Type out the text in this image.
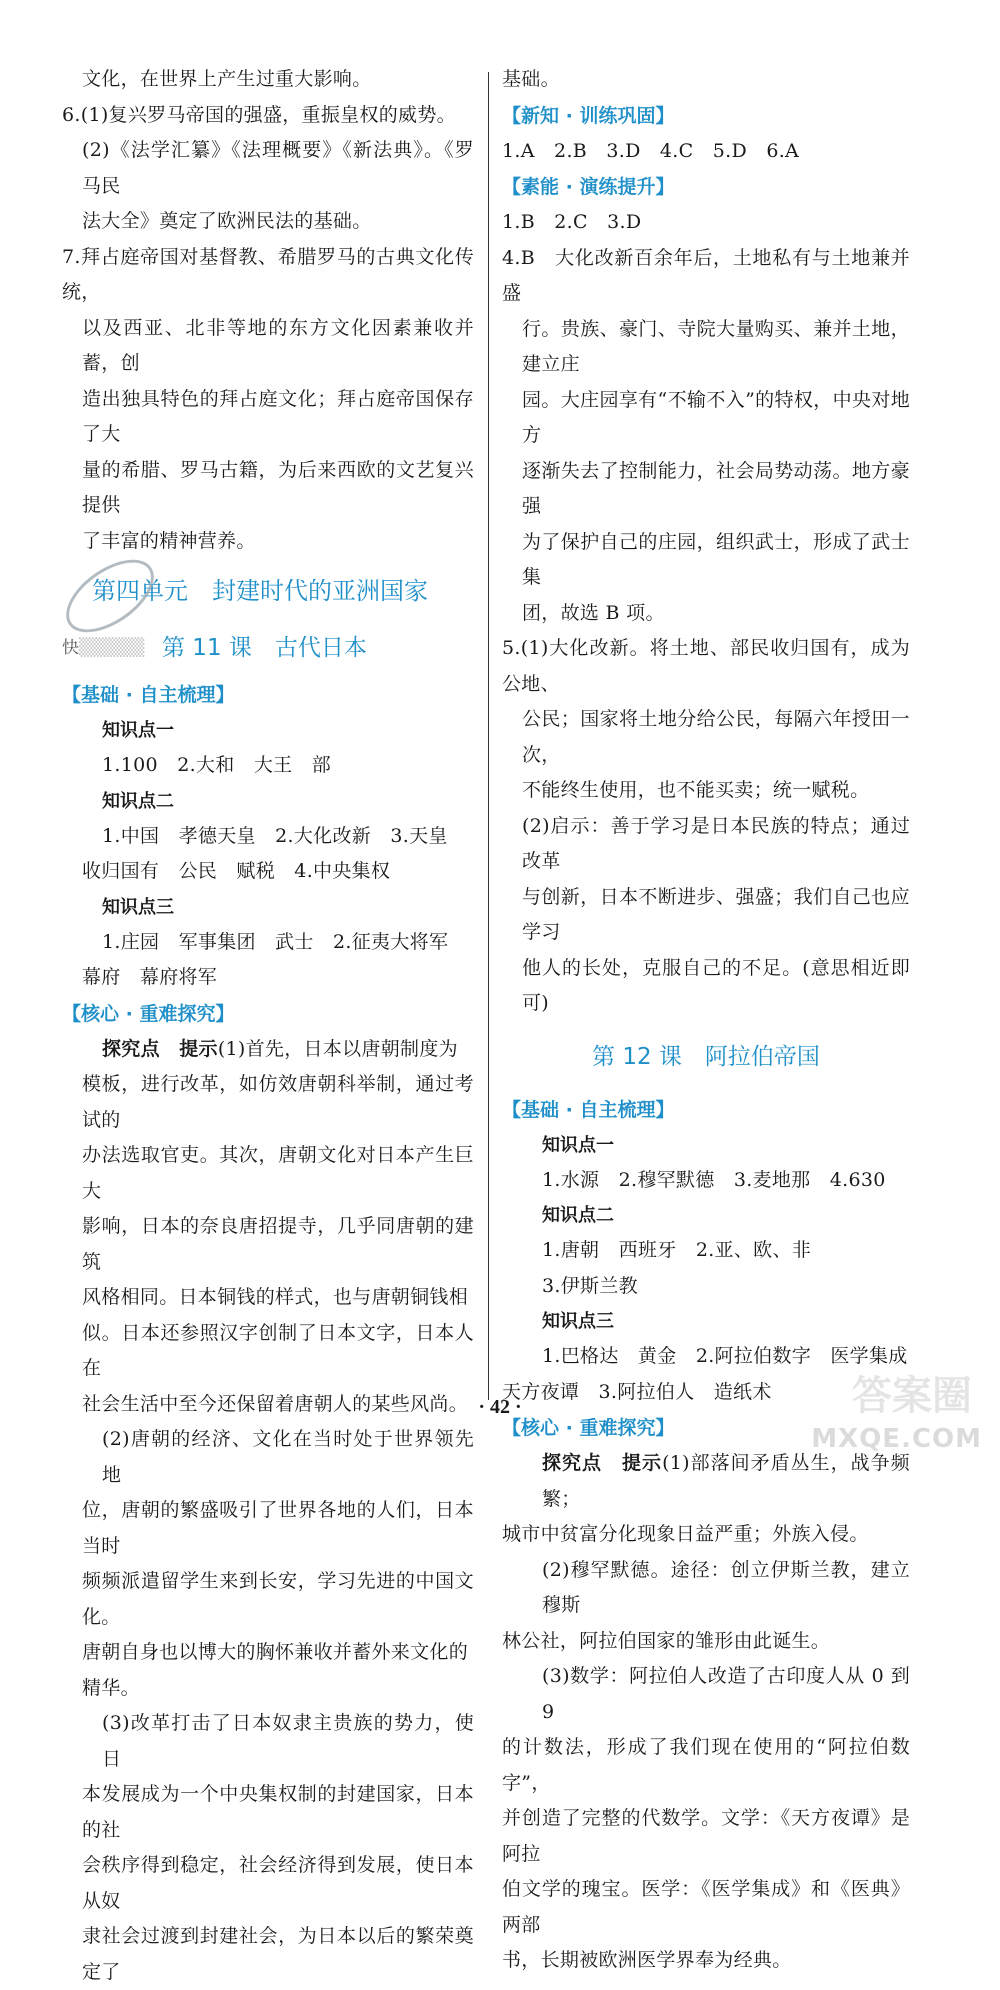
文化，在世界上产生过重大影响。

6.(1)复兴罗马帝国的强盛，重振皇权的威势。

(2)《法学汇纂》《法理概要》《新法典》。《罗马民

法大全》奠定了欧洲民法的基础。

7.拜占庭帝国对基督教、希腊罗马的古典文化传统，

以及西亚、北非等地的东方文化因素兼收并蓄，创

造出独具特色的拜占庭文化；拜占庭帝国保存了大

量的希腊、罗马古籍，为后来西欧的文艺复兴提供

了丰富的精神营养。

第四单元　封建时代的亚洲国家
快▒▒▒▒▒ 第 11 课　古代日本

【基础 · 自主梳理】

知识点一

1.100　2.大和　大王　部

知识点二

1.中国　孝德天皇　2.大化改新　3.天皇

收归国有　公民　赋税　4.中央集权

知识点三

1.庄园　军事集团　武士　2.征夷大将军

幕府　幕府将军

【核心 · 重难探究】

探究点　提示(1)首先，日本以唐朝制度为

模板，进行改革，如仿效唐朝科举制，通过考试的

办法选取官吏。其次，唐朝文化对日本产生巨大

影响，日本的奈良唐招提寺，几乎同唐朝的建筑

风格相同。日本铜钱的样式，也与唐朝铜钱相

似。日本还参照汉字创制了日本文字，日本人在

社会生活中至今还保留着唐朝人的某些风尚。

(2)唐朝的经济、文化在当时处于世界领先地

位，唐朝的繁盛吸引了世界各地的人们，日本当时

频频派遣留学生来到长安，学习先进的中国文化。

唐朝自身也以博大的胸怀兼收并蓄外来文化的

精华。

(3)改革打击了日本奴隶主贵族的势力，使日

本发展成为一个中央集权制的封建国家，日本的社

会秩序得到稳定，社会经济得到发展，使日本从奴

隶社会过渡到封建社会，为日本以后的繁荣奠定了

基础。

【新知 · 训练巩固】

1.A　2.B　3.D　4.C　5.D　6.A

【素能 · 演练提升】

1.B　2.C　3.D

4.B　大化改新百余年后，土地私有与土地兼并盛

行。贵族、豪门、寺院大量购买、兼并土地，建立庄

园。大庄园享有“不输不入”的特权，中央对地方

逐渐失去了控制能力，社会局势动荡。地方豪强

为了保护自己的庄园，组织武士，形成了武士集

团，故选 B 项。

5.(1)大化改新。将土地、部民收归国有，成为公地、

公民；国家将土地分给公民，每隔六年授田一次，

不能终生使用，也不能买卖；统一赋税。

(2)启示：善于学习是日本民族的特点；通过改革

与创新，日本不断进步、强盛；我们自己也应学习

他人的长处，克服自己的不足。(意思相近即可)

第 12 课　阿拉伯帝国

【基础 · 自主梳理】

知识点一

1.水源　2.穆罕默德　3.麦地那　4.630

知识点二

1.唐朝　西班牙　2.亚、欧、非

3.伊斯兰教

知识点三

1.巴格达　黄金　2.阿拉伯数字　医学集成

天方夜谭　3.阿拉伯人　造纸术

【核心 · 重难探究】

探究点　提示(1)部落间矛盾丛生，战争频繁；

城市中贫富分化现象日益严重；外族入侵。

(2)穆罕默德。途径：创立伊斯兰教，建立穆斯

林公社，阿拉伯国家的雏形由此诞生。

(3)数学：阿拉伯人改造了古印度人从 0 到 9

的计数法，形成了我们现在使用的“阿拉伯数字”，

并创造了完整的代数学。文学：《天方夜谭》是阿拉

伯文学的瑰宝。医学：《医学集成》和《医典》两部

书，长期被欧洲医学界奉为经典。

· 42 ·	答案圈
MXQE.COM
